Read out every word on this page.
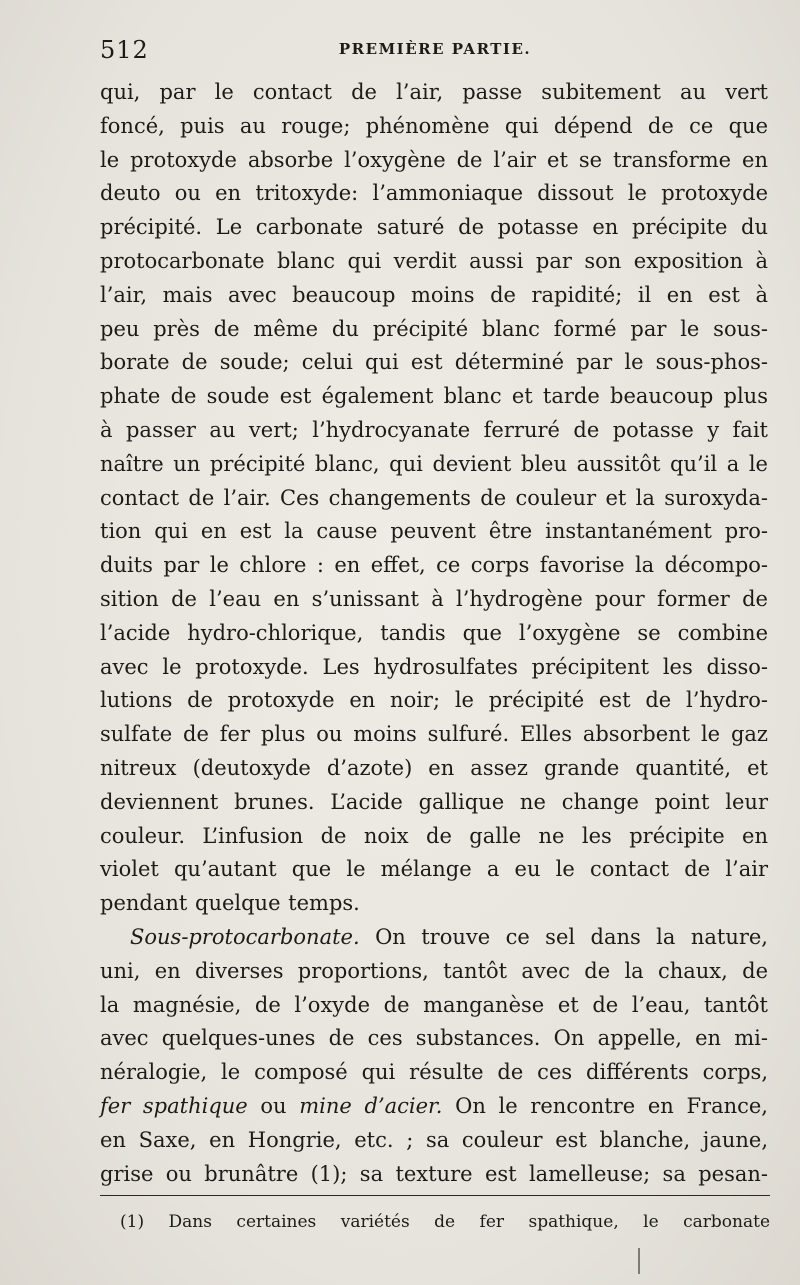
512	PREMIÈRE PARTIE.
qui, par le contact de l’air, passe subitement au vert
foncé, puis au rouge; phénomène qui dépend de ce que
le protoxyde absorbe l’oxygène de l’air et se transforme en
deuto ou en tritoxyde: l’ammoniaque dissout le protoxyde
précipité. Le carbonate saturé de potasse en précipite du
protocarbonate blanc qui verdit aussi par son exposition à
l’air, mais avec beaucoup moins de rapidité; il en est à
peu près de même du précipité blanc formé par le sous-
borate de soude; celui qui est déterminé par le sous-phos-
phate de soude est également blanc et tarde beaucoup plus
à passer au vert; l’hydrocyanate ferruré de potasse y fait
naître un précipité blanc, qui devient bleu aussitôt qu’il a le
contact de l’air. Ces changements de couleur et la suroxyda-
tion qui en est la cause peuvent être instantanément pro-
duits par le chlore : en effet, ce corps favorise la décompo-
sition de l’eau en s’unissant à l’hydrogène pour former de
l’acide hydro-chlorique, tandis que l’oxygène se combine
avec le protoxyde. Les hydrosulfates précipitent les disso-
lutions de protoxyde en noir; le précipité est de l’hydro-
sulfate de fer plus ou moins sulfuré. Elles absorbent le gaz
nitreux (deutoxyde d’azote) en assez grande quantité, et
deviennent brunes. L’acide gallique ne change point leur
couleur. L’infusion de noix de galle ne les précipite en
violet qu’autant que le mélange a eu le contact de l’air
pendant quelque temps.
Sous-protocarbonate. On trouve ce sel dans la nature,
uni, en diverses proportions, tantôt avec de la chaux, de
la magnésie, de l’oxyde de manganèse et de l’eau, tantôt
avec quelques-unes de ces substances. On appelle, en mi-
néralogie, le composé qui résulte de ces différents corps,
fer spathique ou mine d’acier. On le rencontre en France,
en Saxe, en Hongrie, etc. ; sa couleur est blanche, jaune,
grise ou brunâtre (1); sa texture est lamelleuse; sa pesan-
(1) Dans certaines variétés de fer spathique, le carbonate
